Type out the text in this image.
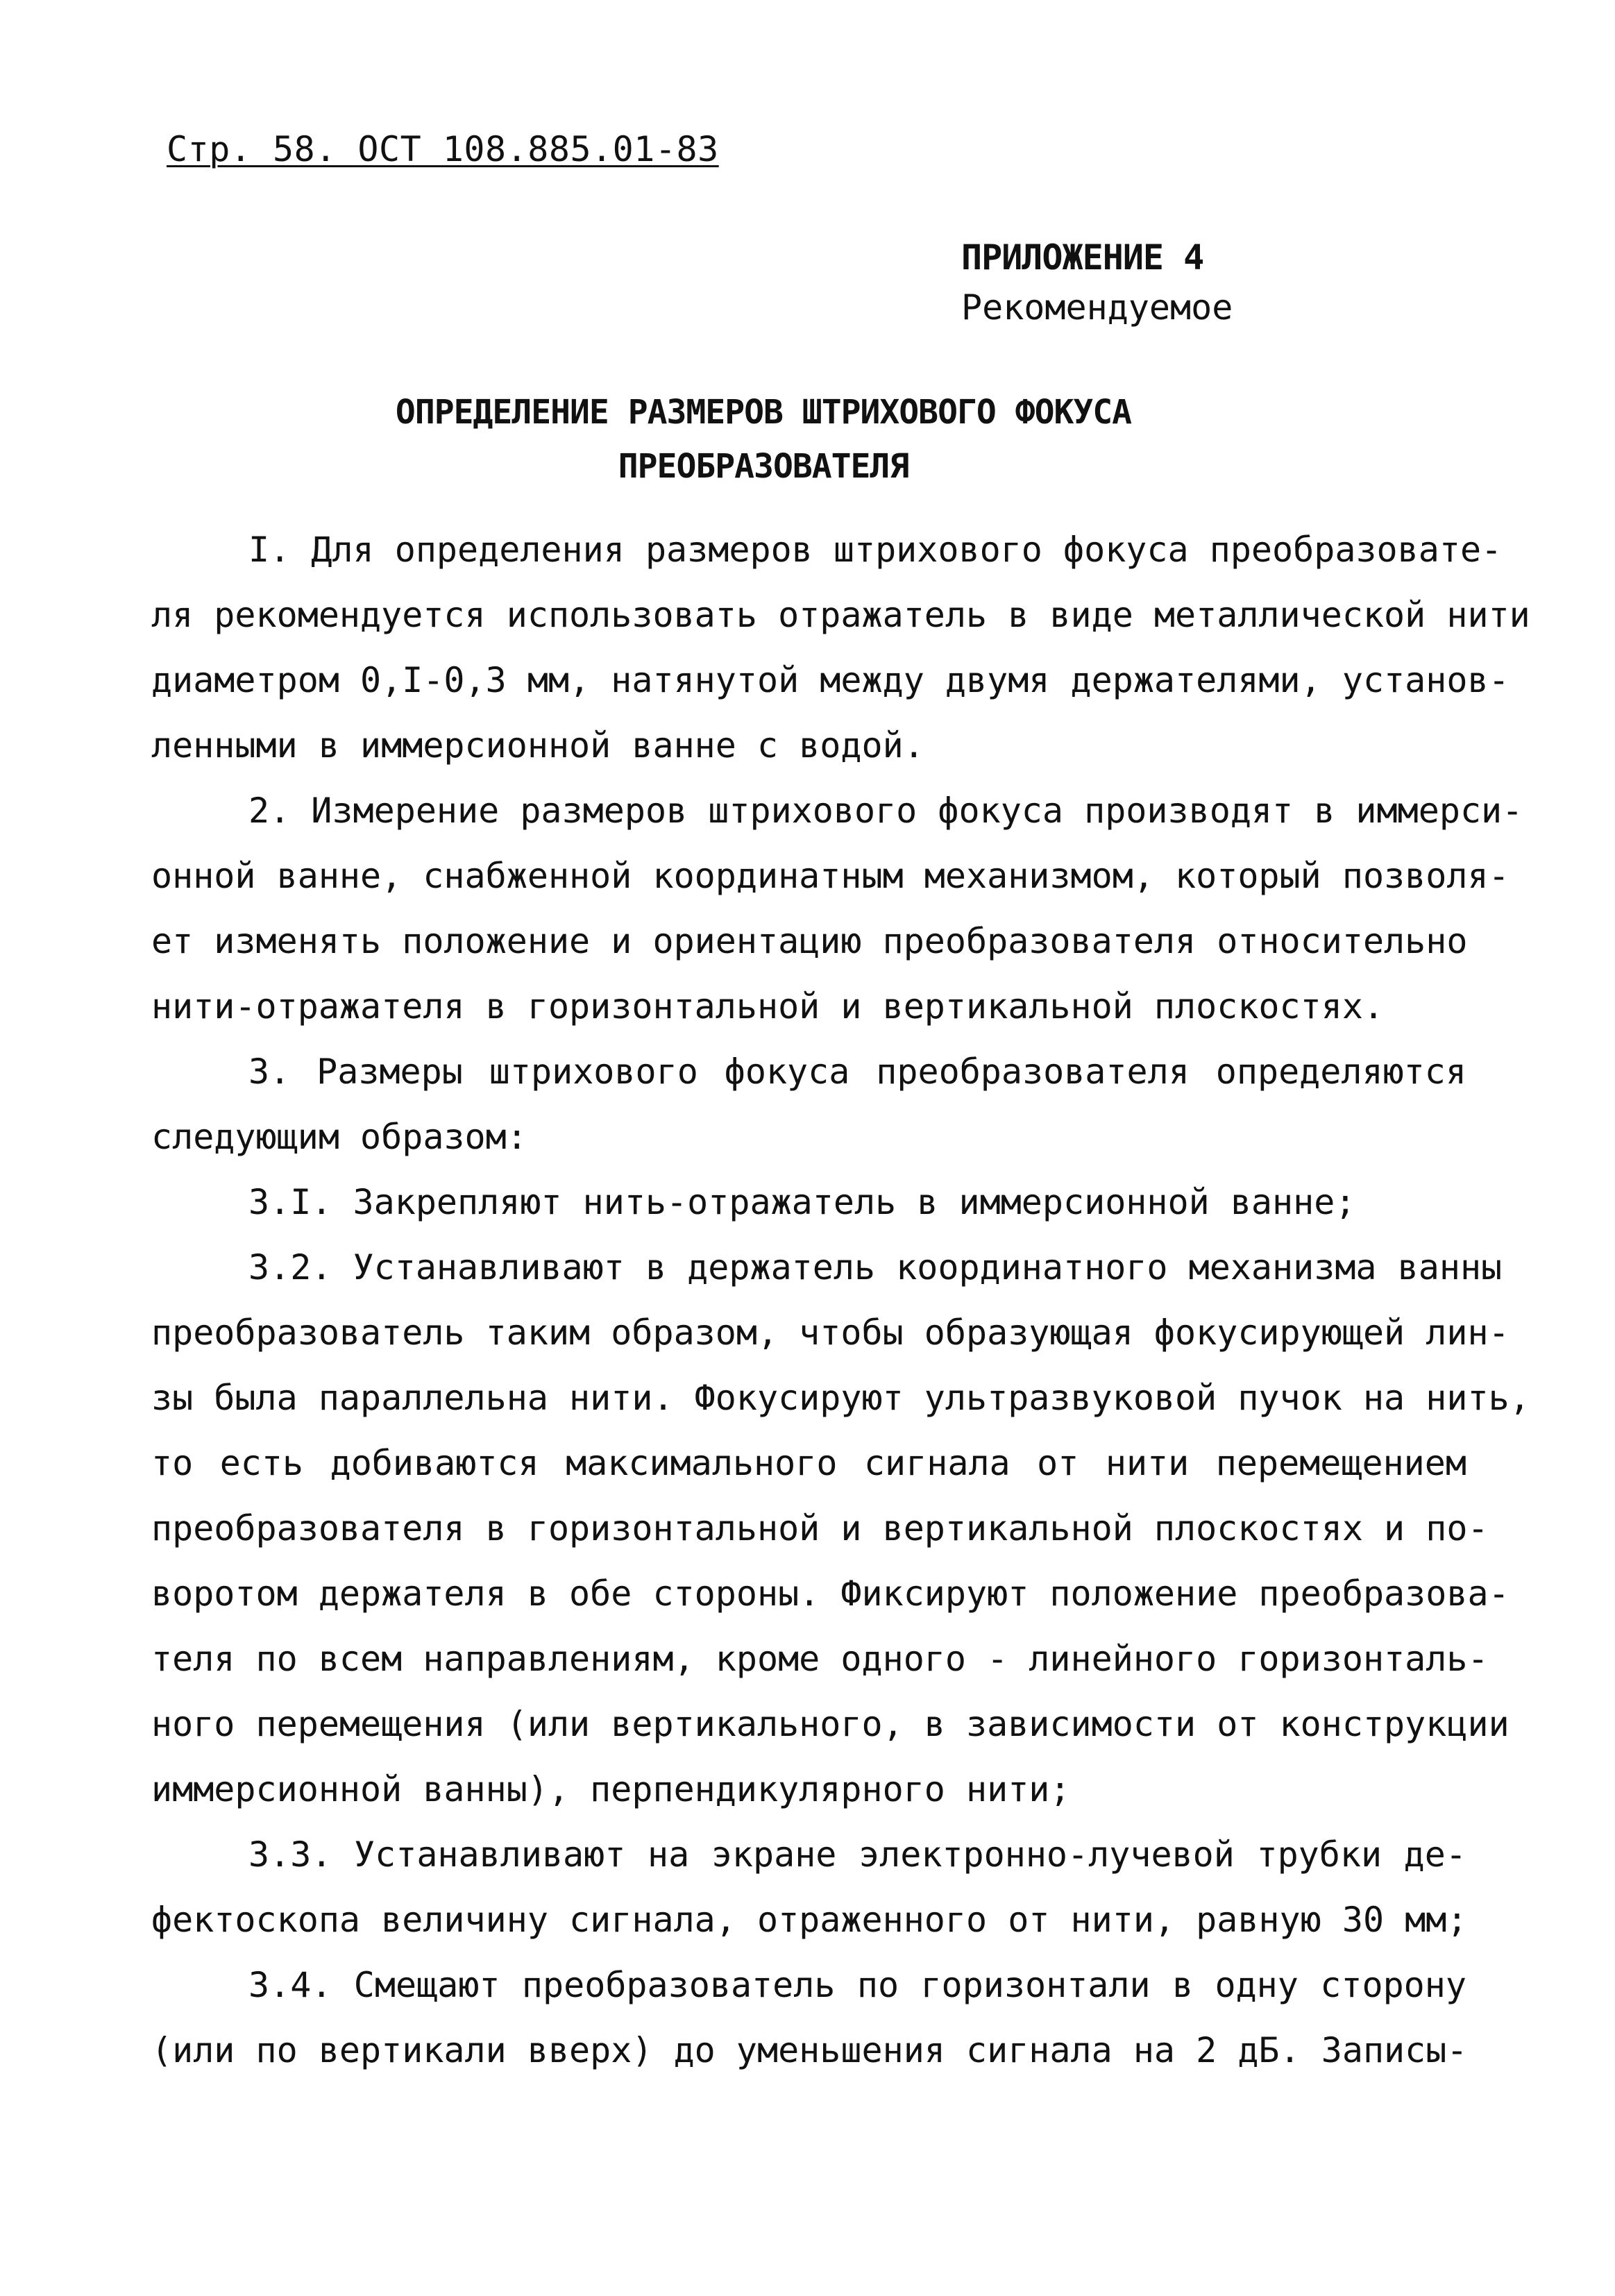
Стр. 58. ОСТ 108.885.01-83
ПРИЛОЖЕНИЕ 4
Рекомендуемое
ОПРЕДЕЛЕНИЕ РАЗМЕРОВ ШТРИХОВОГО ФОКУСА
ПРЕОБРАЗОВАТЕЛЯ
I. Для определения размеров штрихового фокуса преобразовате-
ля рекомендуется использовать отражатель в виде металлической нити
диаметром 0,I-0,3 мм, натянутой между двумя держателями, установ-
ленными в иммерсионной ванне с водой.
2. Измерение размеров штрихового фокуса производят в иммерси-
онной ванне, снабженной координатным механизмом, который позволя-
ет изменять положение и ориентацию преобразователя относительно
нити-отражателя в горизонтальной и вертикальной плоскостях.
3. Размеры штрихового фокуса преобразователя определяются
следующим образом:
3.I. Закрепляют нить-отражатель в иммерсионной ванне;
3.2. Устанавливают в держатель координатного механизма ванны
преобразователь таким образом, чтобы образующая фокусирующей лин-
зы была параллельна нити. Фокусируют ультразвуковой пучок на нить,
то есть добиваются максимального сигнала от нити перемещением
преобразователя в горизонтальной и вертикальной плоскостях и по-
воротом держателя в обе стороны. Фиксируют положение преобразова-
теля по всем направлениям, кроме одного - линейного горизонталь-
ного перемещения (или вертикального, в зависимости от конструкции
иммерсионной ванны), перпендикулярного нити;
3.3. Устанавливают на экране электронно-лучевой трубки де-
фектоскопа величину сигнала, отраженного от нити, равную 30 мм;
3.4. Смещают преобразователь по горизонтали в одну сторону
(или по вертикали вверх) до уменьшения сигнала на 2 дБ. Записы-
